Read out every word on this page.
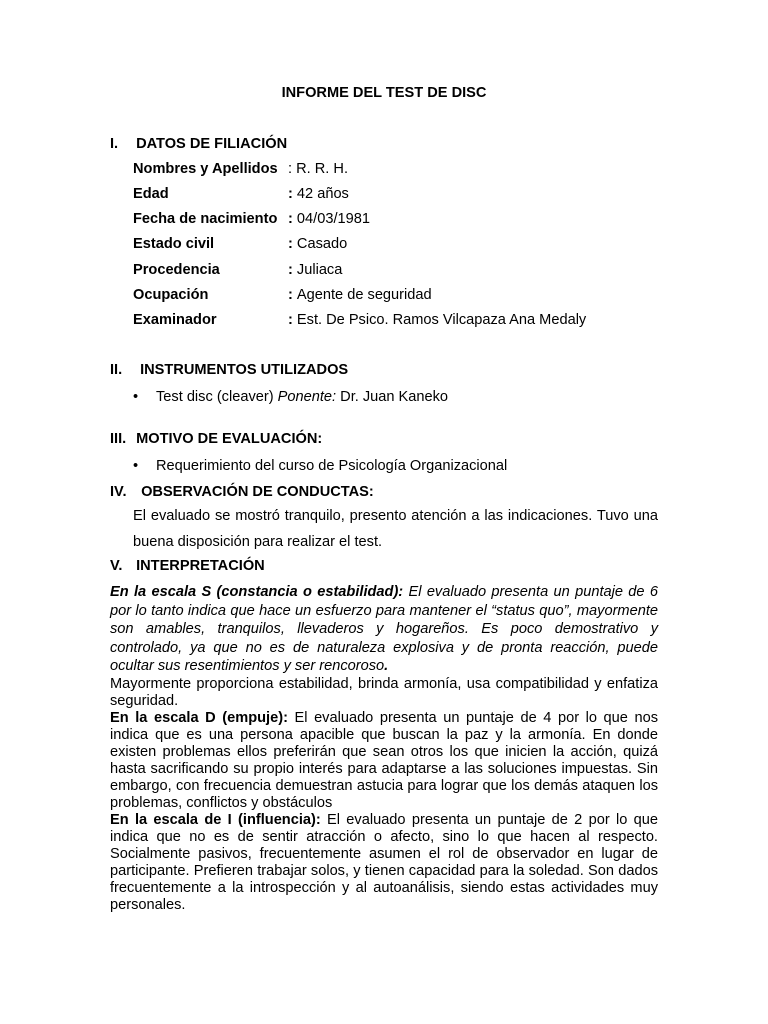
INFORME DEL TEST DE DISC
I. DATOS DE FILIACIÓN
Nombres y Apellidos : R. R. H.
Edad	: 42 años
Fecha de nacimiento : 04/03/1981
Estado civil	: Casado
Procedencia	: Juliaca
Ocupación	: Agente de seguridad
Examinador	: Est. De Psico. Ramos Vilcapaza Ana Medaly
II. INSTRUMENTOS UTILIZADOS
• Test disc (cleaver) Ponente: Dr. Juan Kaneko
III. MOTIVO DE EVALUACIÓN:
• Requerimiento del curso de Psicología Organizacional
IV. OBSERVACIÓN DE CONDUCTAS:
El evaluado se mostró tranquilo, presento atención a las indicaciones. Tuvo una buena disposición para realizar el test.
V. INTERPRETACIÓN

En la escala S (constancia o estabilidad): El evaluado presenta un puntaje de 6 por lo tanto indica que hace un esfuerzo para mantener el “status quo”, mayormente son amables, tranquilos, llevaderos y hogareños. Es poco demostrativo y controlado, ya que no es de naturaleza explosiva y de pronta reacción, puede ocultar sus resentimientos y ser rencoroso.

Mayormente proporciona estabilidad, brinda armonía, usa compatibilidad y enfatiza seguridad.

En la escala D (empuje): El evaluado presenta un puntaje de 4 por lo que nos indica que es una persona apacible que buscan la paz y la armonía. En donde existen problemas ellos preferirán que sean otros los que inicien la acción, quizá hasta sacrificando su propio interés para adaptarse a las soluciones impuestas. Sin embargo, con frecuencia demuestran astucia para lograr que los demás ataquen los problemas, conflictos y obstáculos

En la escala de I (influencia): El evaluado presenta un puntaje de 2 por lo que indica que no es de sentir atracción o afecto, sino lo que hacen al respecto. Socialmente pasivos, frecuentemente asumen el rol de observador en lugar de participante. Prefieren trabajar solos, y tienen capacidad para la soledad. Son dados frecuentemente a la introspección y al autoanálisis, siendo estas actividades muy personales.
